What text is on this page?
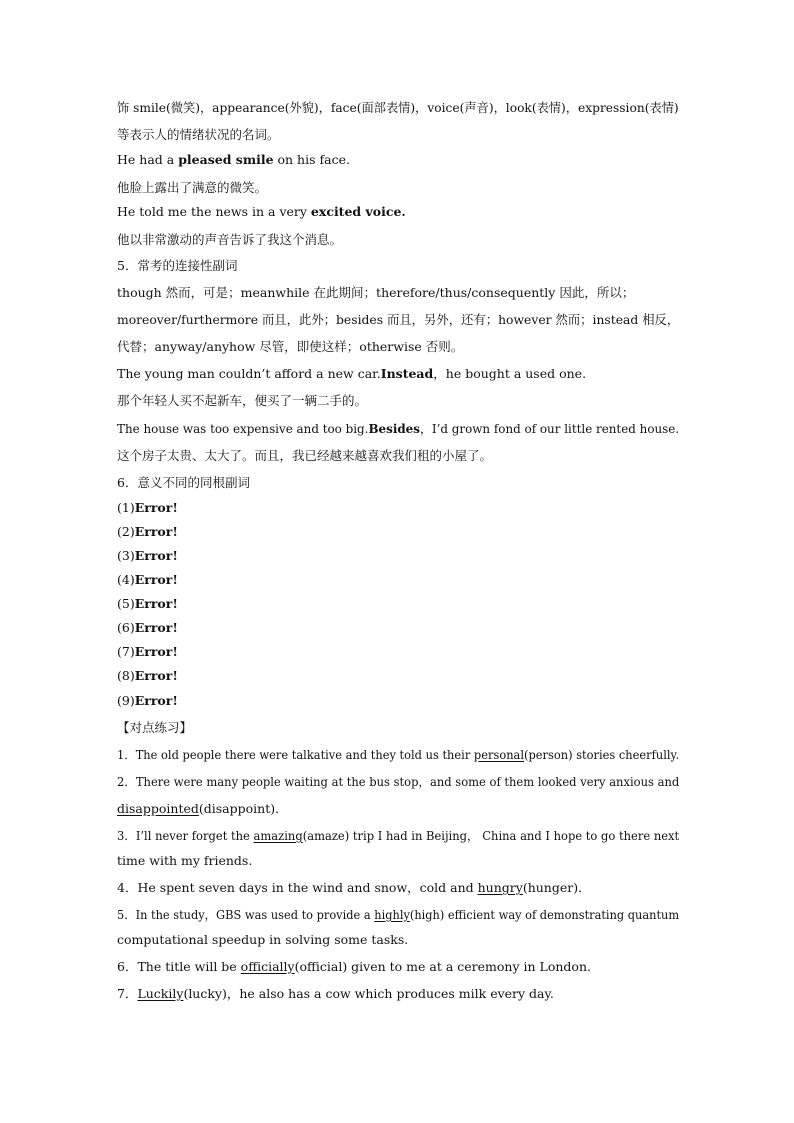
饰 smile(微笑)，appearance(外貌)，face(面部表情)，voice(声音)，look(表情)，expression(表情)
等表示人的情绪状况的名词。
He had a pleased smile on his face.
他脸上露出了满意的微笑。
He told me the news in a very excited voice.
他以非常激动的声音告诉了我这个消息。
5．常考的连接性副词
though 然而，可是；meanwhile 在此期间；therefore/thus/consequently 因此，所以；
moreover/furthermore 而且，此外；besides 而且，另外，还有；however 然而；instead 相反，
代替；anyway/anyhow 尽管，即使这样；otherwise 否则。
The young man couldn’t afford a new car.Instead，he bought a used one.
那个年轻人买不起新车，便买了一辆二手的。
The house was too expensive and too big.Besides，I’d grown fond of our little rented house.
这个房子太贵、太大了。而且，我已经越来越喜欢我们租的小屋了。
6．意义不同的同根副词
(1)Error!
(2)Error!
(3)Error!
(4)Error!
(5)Error!
(6)Error!
(7)Error!
(8)Error!
(9)Error!
【对点练习】
1．The old people there were talkative and they told us their personal(person) stories cheerfully.
2．There were many people waiting at the bus stop，and some of them looked very anxious and
disappointed(disappoint)．
3．I’ll never forget the amazing(amaze) trip I had in Beijing， China and I hope to go there next
time with my friends.
4．He spent seven days in the wind and snow，cold and hungry(hunger)．
5．In the study，GBS was used to provide a highly(high) efficient way of demonstrating quantum
computational speedup in solving some tasks.
6．The title will be officially(official) given to me at a ceremony in London.
7．Luckily(lucky)，he also has a cow which produces milk every day.
